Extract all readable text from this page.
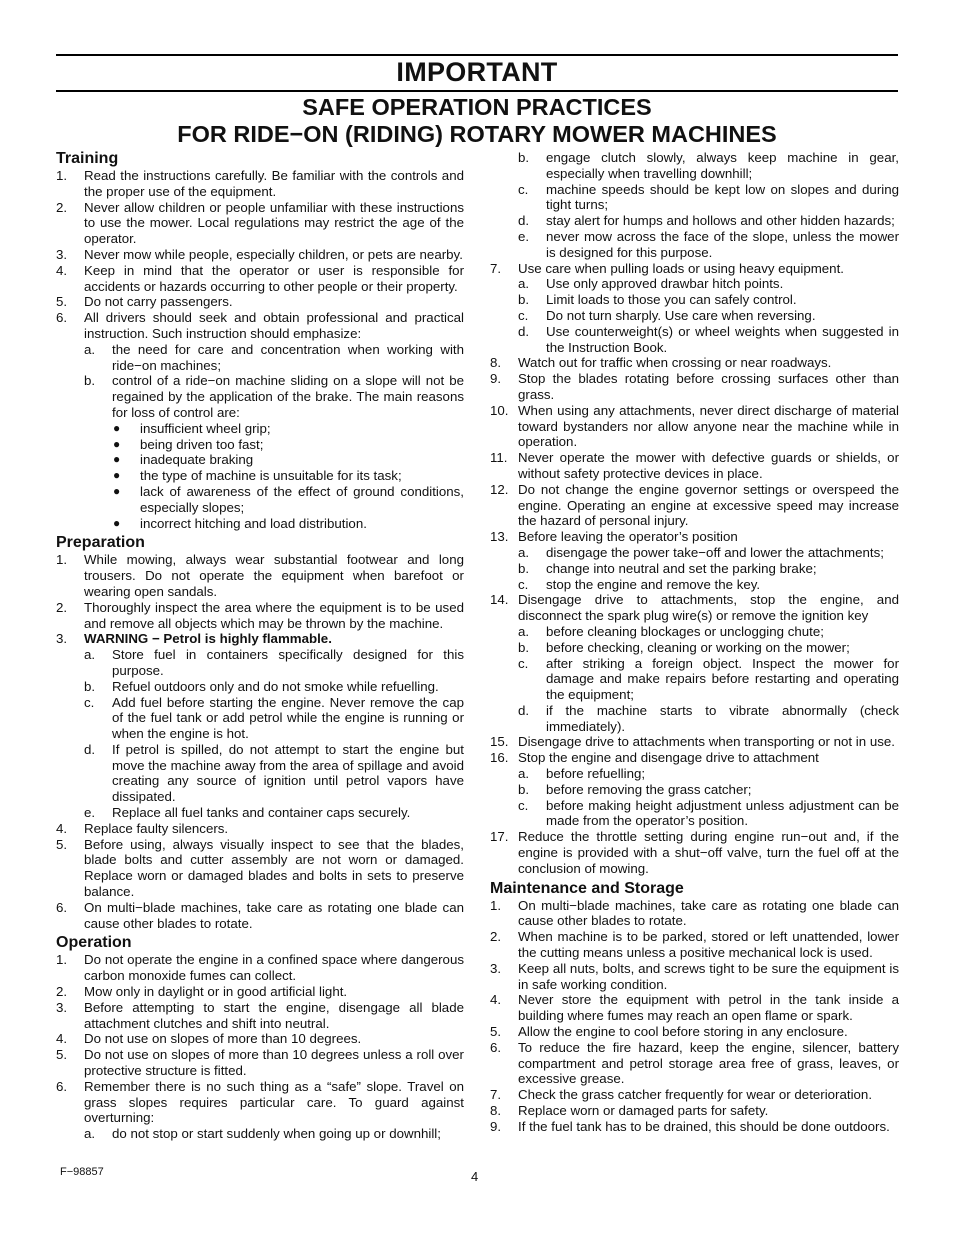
IMPORTANT
SAFE OPERATION PRACTICES
FOR RIDE−ON (RIDING) ROTARY MOWER MACHINES
Training
1. Read the instructions carefully. Be familiar with the controls and the proper use of the equipment.
2. Never allow children or people unfamiliar with these instructions to use the mower. Local regulations may restrict the age of the operator.
3. Never mow while people, especially children, or pets are nearby.
4. Keep in mind that the operator or user is responsible for accidents or hazards occurring to other people or their property.
5. Do not carry passengers.
6. All drivers should seek and obtain professional and practical instruction. Such instruction should emphasize:
a. the need for care and concentration when working with ride−on machines;
b. control of a ride−on machine sliding on a slope will not be regained by the application of the brake. The main reasons for loss of control are:
● insufficient wheel grip;
● being driven too fast;
● inadequate braking
● the type of machine is unsuitable for its task;
● lack of awareness of the effect of ground conditions, especially slopes;
● incorrect hitching and load distribution.
Preparation
1. While mowing, always wear substantial footwear and long trousers. Do not operate the equipment when barefoot or wearing open sandals.
2. Thoroughly inspect the area where the equipment is to be used and remove all objects which may be thrown by the machine.
3. WARNING − Petrol is highly flammable.
a. Store fuel in containers specifically designed for this purpose.
b. Refuel outdoors only and do not smoke while refuelling.
c. Add fuel before starting the engine. Never remove the cap of the fuel tank or add petrol while the engine is running or when the engine is hot.
d. If petrol is spilled, do not attempt to start the engine but move the machine away from the area of spillage and avoid creating any source of ignition until petrol vapors have dissipated.
e. Replace all fuel tanks and container caps securely.
4. Replace faulty silencers.
5. Before using, always visually inspect to see that the blades, blade bolts and cutter assembly are not worn or damaged. Replace worn or damaged blades and bolts in sets to preserve balance.
6. On multi−blade machines, take care as rotating one blade can cause other blades to rotate.
Operation
1. Do not operate the engine in a confined space where dangerous carbon monoxide fumes can collect.
2. Mow only in daylight or in good artificial light.
3. Before attempting to start the engine, disengage all blade attachment clutches and shift into neutral.
4. Do not use on slopes of more than 10 degrees.
5. Do not use on slopes of more than 10 degrees unless a roll over protective structure is fitted.
6. Remember there is no such thing as a “safe” slope. Travel on grass slopes requires particular care. To guard against overturning:
a. do not stop or start suddenly when going up or downhill;
b. engage clutch slowly, always keep machine in gear, especially when travelling downhill;
c. machine speeds should be kept low on slopes and during tight turns;
d. stay alert for humps and hollows and other hidden hazards;
e. never mow across the face of the slope, unless the mower is designed for this purpose.
7. Use care when pulling loads or using heavy equipment.
a. Use only approved drawbar hitch points.
b. Limit loads to those you can safely control.
c. Do not turn sharply. Use care when reversing.
d. Use counterweight(s) or wheel weights when suggested in the Instruction Book.
8. Watch out for traffic when crossing or near roadways.
9. Stop the blades rotating before crossing surfaces other than grass.
10. When using any attachments, never direct discharge of material toward bystanders nor allow anyone near the machine while in operation.
11. Never operate the mower with defective guards or shields, or without safety protective devices in place.
12. Do not change the engine governor settings or overspeed the engine. Operating an engine at excessive speed may increase the hazard of personal injury.
13. Before leaving the operator’s position
a. disengage the power take−off and lower the attachments;
b. change into neutral and set the parking brake;
c. stop the engine and remove the key.
14. Disengage drive to attachments, stop the engine, and disconnect the spark plug wire(s) or remove the ignition key
a. before cleaning blockages or unclogging chute;
b. before checking, cleaning or working on the mower;
c. after striking a foreign object. Inspect the mower for damage and make repairs before restarting and operating the equipment;
d. if the machine starts to vibrate abnormally (check immediately).
15. Disengage drive to attachments when transporting or not in use.
16. Stop the engine and disengage drive to attachment
a. before refuelling;
b. before removing the grass catcher;
c. before making height adjustment unless adjustment can be made from the operator’s position.
17. Reduce the throttle setting during engine run−out and, if the engine is provided with a shut−off valve, turn the fuel off at the conclusion of mowing.
Maintenance and Storage
1. On multi−blade machines, take care as rotating one blade can cause other blades to rotate.
2. When machine is to be parked, stored or left unattended, lower the cutting means unless a positive mechanical lock is used.
3. Keep all nuts, bolts, and screws tight to be sure the equipment is in safe working condition.
4. Never store the equipment with petrol in the tank inside a building where fumes may reach an open flame or spark.
5. Allow the engine to cool before storing in any enclosure.
6. To reduce the fire hazard, keep the engine, silencer, battery compartment and petrol storage area free of grass, leaves, or excessive grease.
7. Check the grass catcher frequently for wear or deterioration.
8. Replace worn or damaged parts for safety.
9. If the fuel tank has to be drained, this should be done outdoors.
F−98857	4
